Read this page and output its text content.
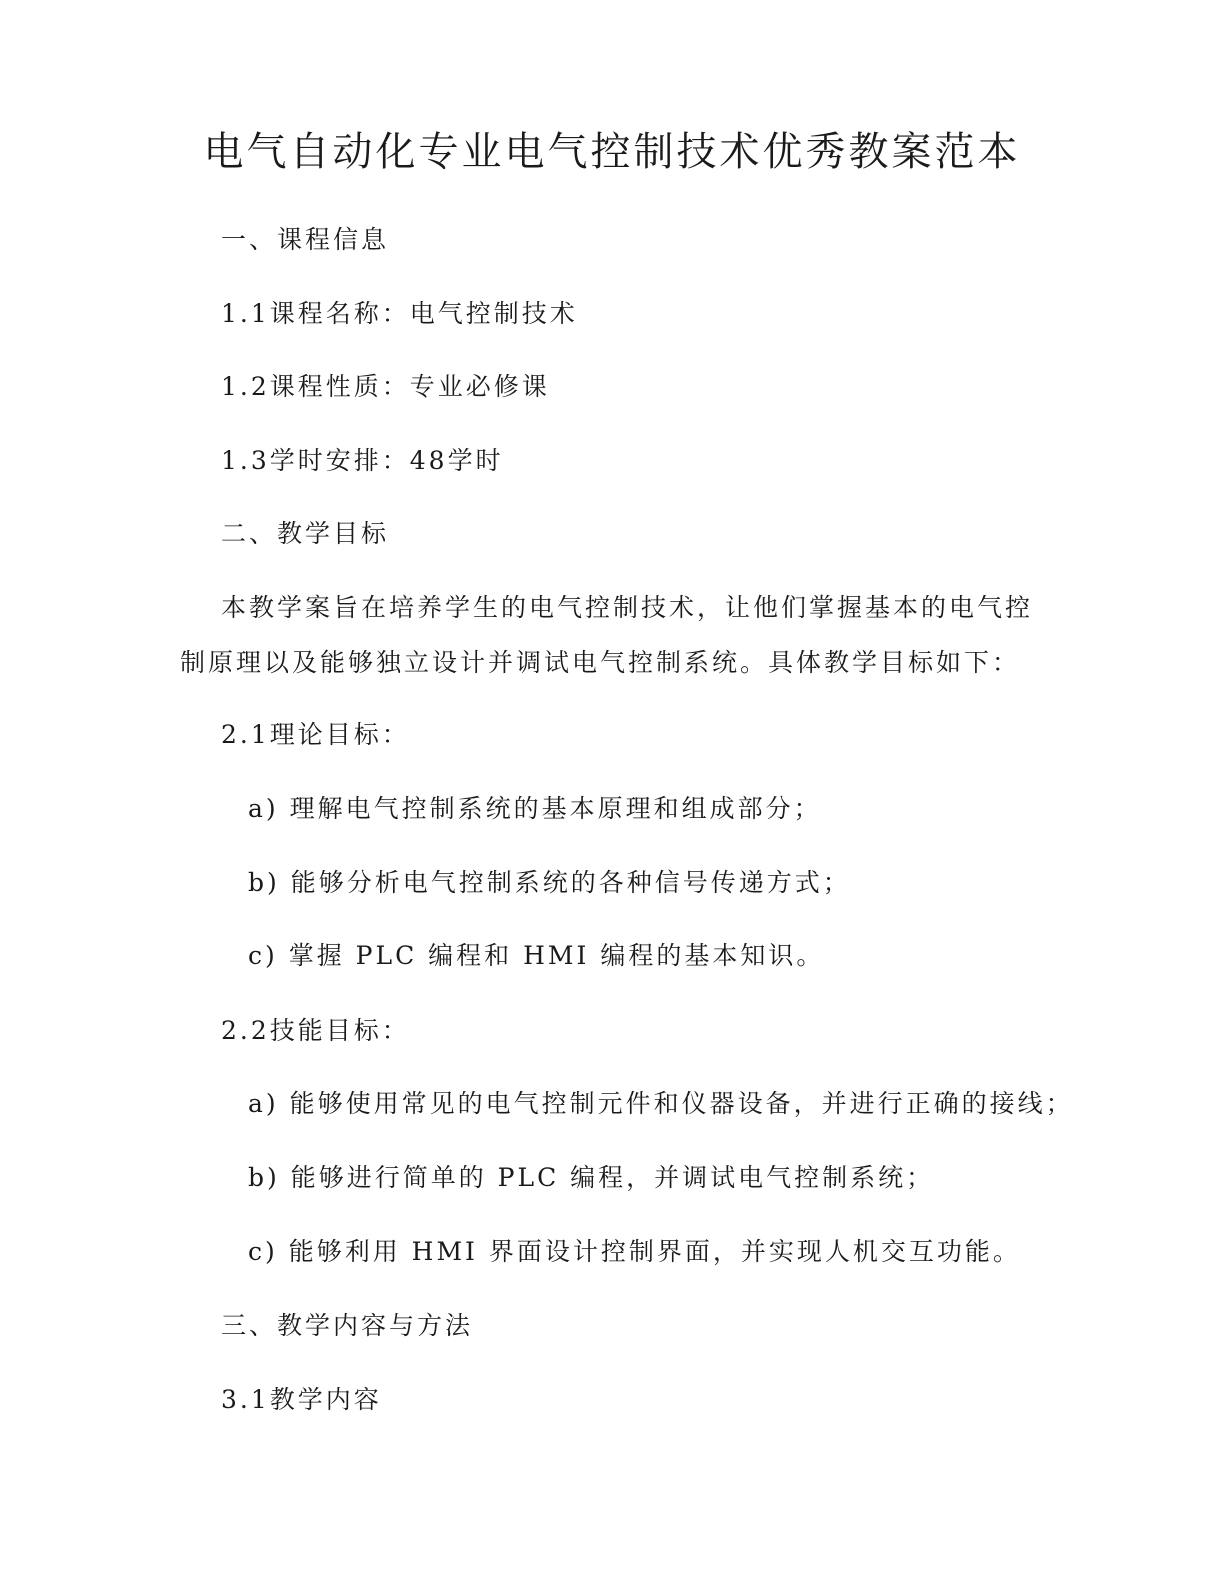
电气自动化专业电气控制技术优秀教案范本

一、课程信息

1.1课程名称：电气控制技术

1.2课程性质：专业必修课

1.3学时安排：48学时

二、教学目标

本教学案旨在培养学生的电气控制技术，让他们掌握基本的电气控

制原理以及能够独立设计并调试电气控制系统。具体教学目标如下：

2.1理论目标：

a) 理解电气控制系统的基本原理和组成部分；

b) 能够分析电气控制系统的各种信号传递方式；

c) 掌握 PLC 编程和 HMI 编程的基本知识。

2.2技能目标：

a) 能够使用常见的电气控制元件和仪器设备，并进行正确的接线；

b) 能够进行简单的 PLC 编程，并调试电气控制系统；

c) 能够利用 HMI 界面设计控制界面，并实现人机交互功能。

三、教学内容与方法

3.1教学内容
